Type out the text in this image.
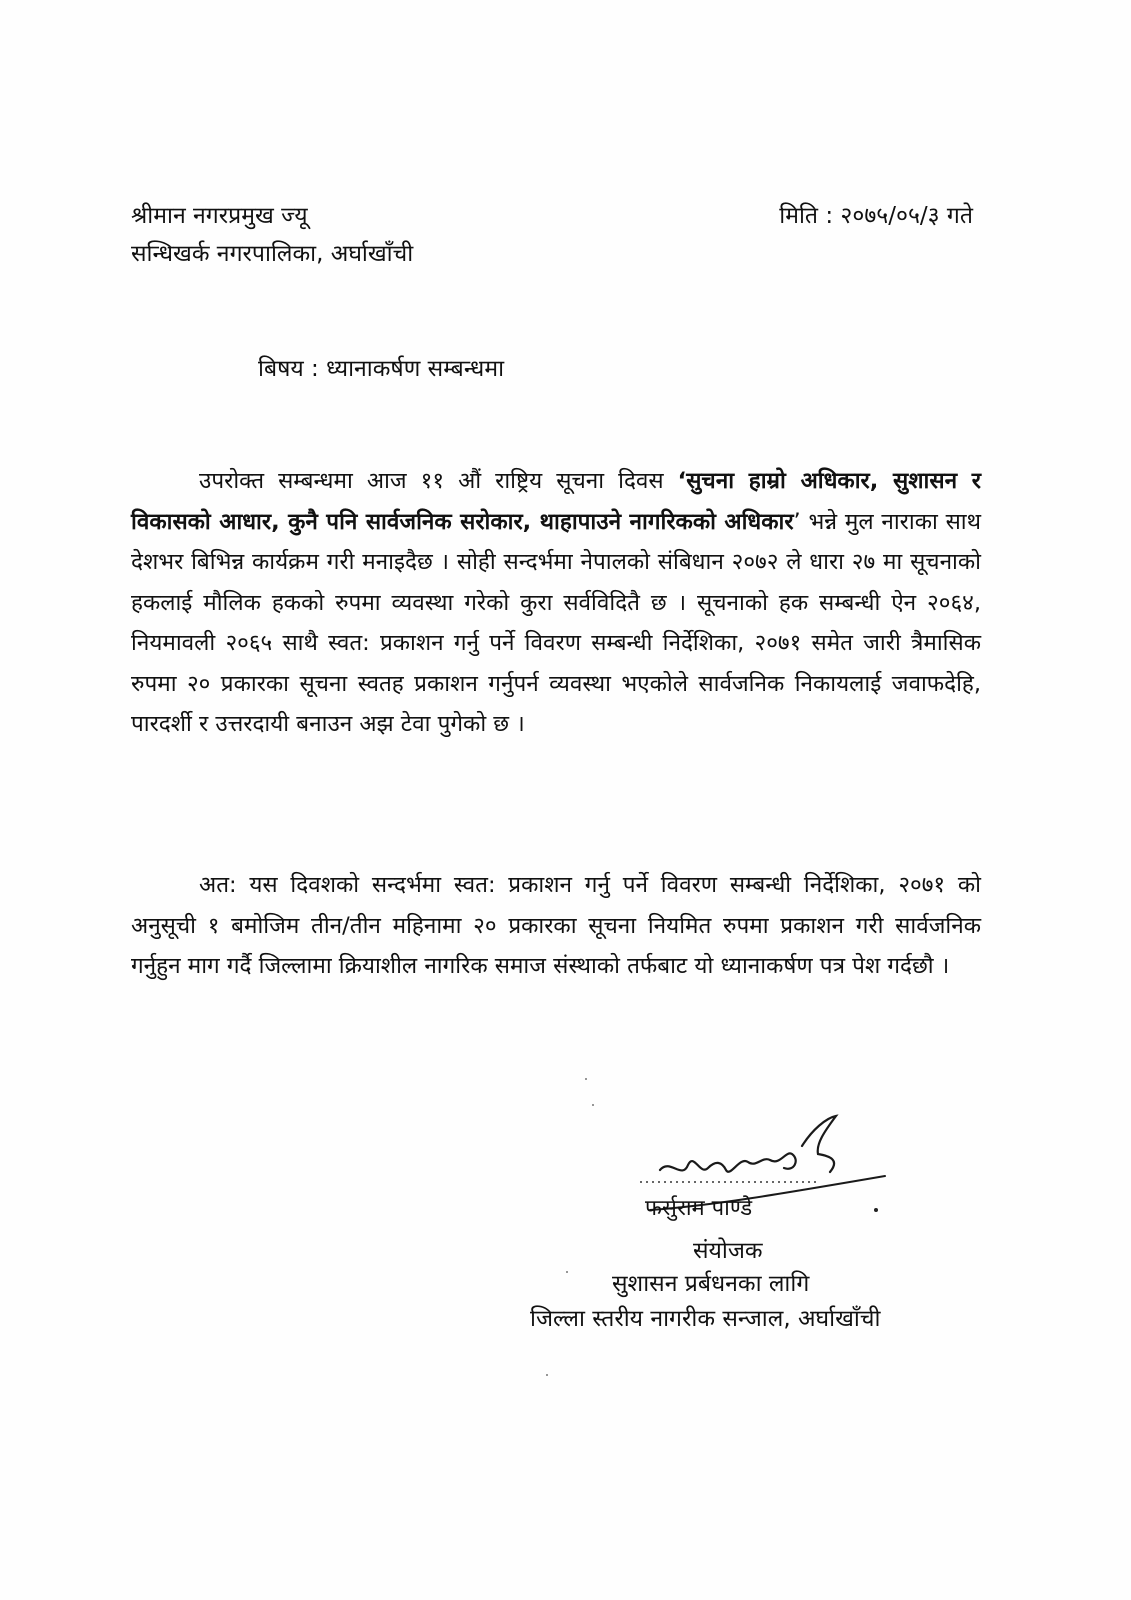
श्रीमान नगरप्रमुख ज्यू
सन्धिखर्क नगरपालिका, अर्घाखाँची
मिति : २०७५/०५/३ गते
बिषय : ध्यानाकर्षण सम्बन्धमा

उपरोक्त सम्बन्धमा आज ११ औं राष्ट्रिय सूचना दिवस ‘सुचना हाम्रो अधिकार, सुशासन र विकासको आधार, कुनै पनि सार्वजनिक सरोकार, थाहापाउने नागरिकको अधिकार’ भन्ने मुल नाराका साथ देशभर बिभिन्न कार्यक्रम गरी मनाइदैछ । सोही सन्दर्भमा नेपालको संबिधान २०७२ ले धारा २७ मा सूचनाको हकलाई मौलिक हकको रुपमा व्यवस्था गरेको कुरा सर्वविदितै छ । सूचनाको हक सम्बन्धी ऐन २०६४, नियमावली २०६५ साथै स्वत: प्रकाशन गर्नु पर्ने विवरण सम्बन्धी निर्देशिका, २०७१ समेत जारी त्रैमासिक रुपमा २० प्रकारका सूचना स्वतह प्रकाशन गर्नुपर्न व्यवस्था भएकोले सार्वजनिक निकायलाई जवाफदेहि, पारदर्शी र उत्तरदायी बनाउन अझ टेवा पुगेको छ ।

अत: यस दिवशको सन्दर्भमा स्वत: प्रकाशन गर्नु पर्ने विवरण सम्बन्धी निर्देशिका, २०७१ को अनुसूची १ बमोजिम तीन/तीन महिनामा २० प्रकारका सूचना नियमित रुपमा प्रकाशन गरी सार्वजनिक गर्नुहुन माग गर्दै जिल्लामा क्रियाशील नागरिक समाज संस्थाको तर्फबाट यो ध्यानाकर्षण पत्र पेश गर्दछौ ।

फर्सुराम पाण्डे
संयोजक
सुशासन प्रर्बधनका लागि
जिल्ला स्तरीय नागरीक सन्जाल, अर्घाखाँची
